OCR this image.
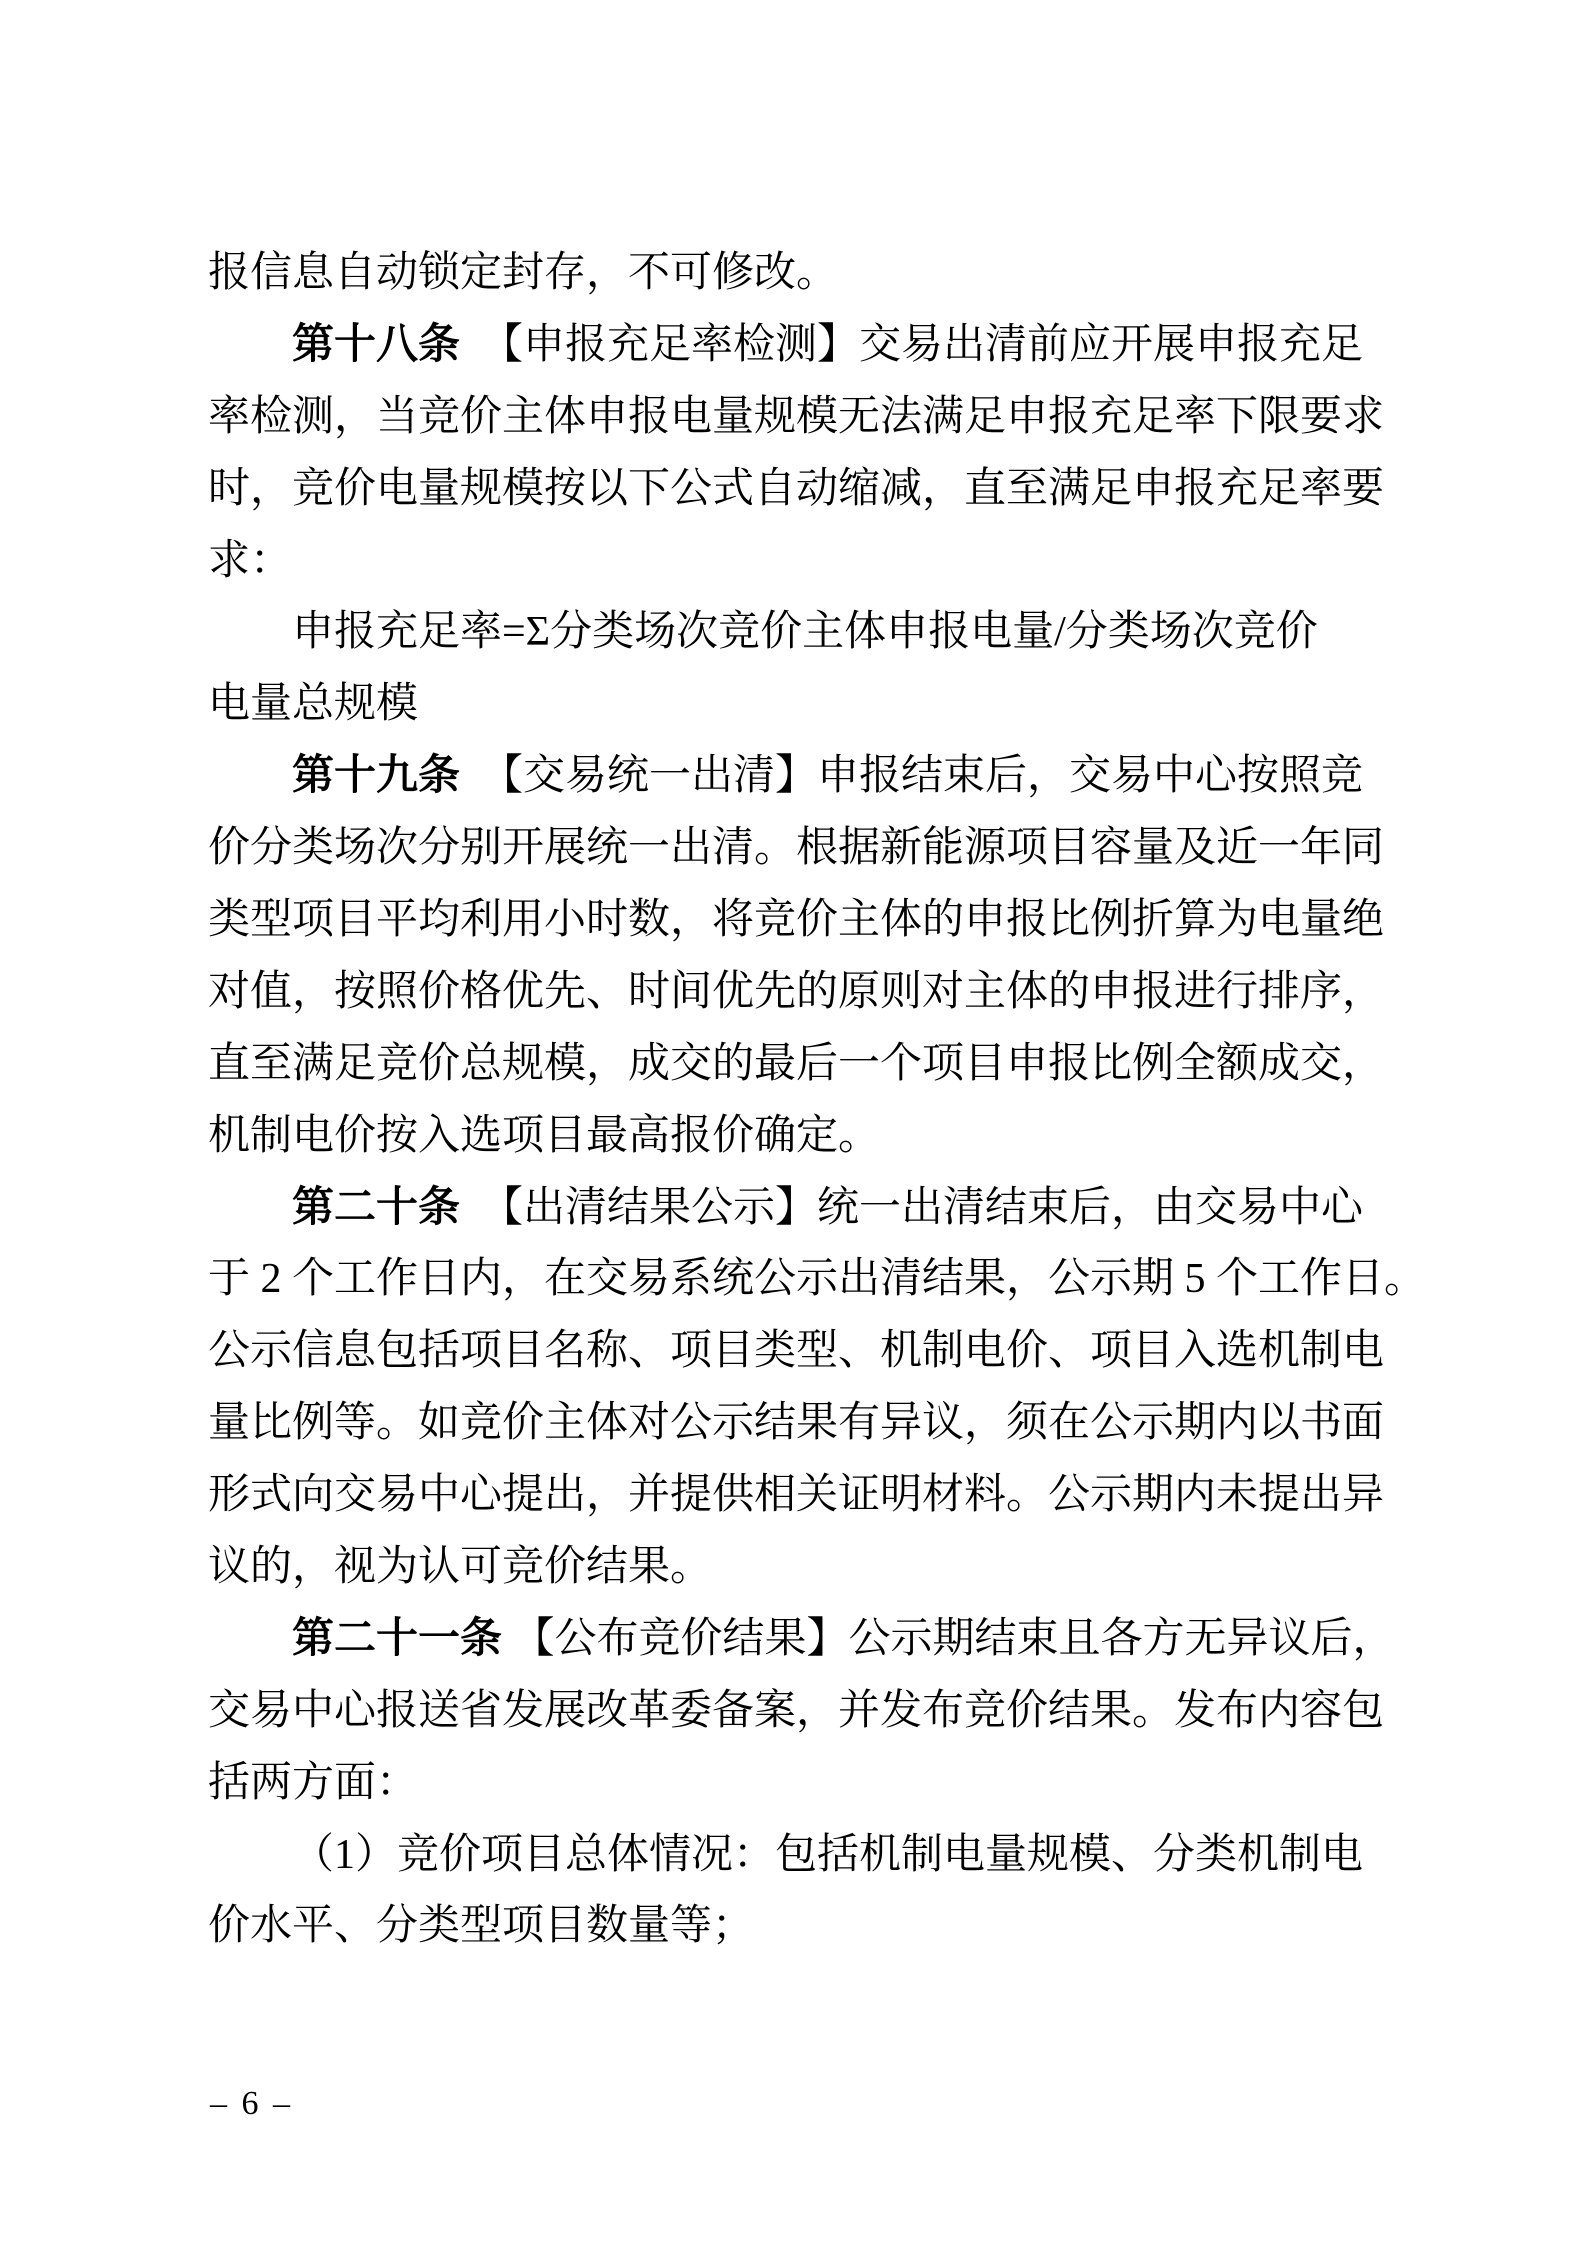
报信息自动锁定封存，不可修改。
第十八条　【申报充足率检测】交易出清前应开展申报充足
率检测，当竞价主体申报电量规模无法满足申报充足率下限要求
时，竞价电量规模按以下公式自动缩减，直至满足申报充足率要
求：
申报充足率=Σ分类场次竞价主体申报电量/分类场次竞价
电量总规模
第十九条　【交易统一出清】申报结束后，交易中心按照竞
价分类场次分别开展统一出清。根据新能源项目容量及近一年同
类型项目平均利用小时数，将竞价主体的申报比例折算为电量绝
对值，按照价格优先、时间优先的原则对主体的申报进行排序，
直至满足竞价总规模，成交的最后一个项目申报比例全额成交，
机制电价按入选项目最高报价确定。
第二十条　【出清结果公示】统一出清结束后，由交易中心
于 2 个工作日内，在交易系统公示出清结果，公示期 5 个工作日。
公示信息包括项目名称、项目类型、机制电价、项目入选机制电
量比例等。如竞价主体对公示结果有异议，须在公示期内以书面
形式向交易中心提出，并提供相关证明材料。公示期内未提出异
议的，视为认可竞价结果。
第二十一条 【公布竞价结果】公示期结束且各方无异议后，
交易中心报送省发展改革委备案，并发布竞价结果。发布内容包
括两方面：
（1）竞价项目总体情况：包括机制电量规模、分类机制电
价水平、分类型项目数量等；
– 6 –
